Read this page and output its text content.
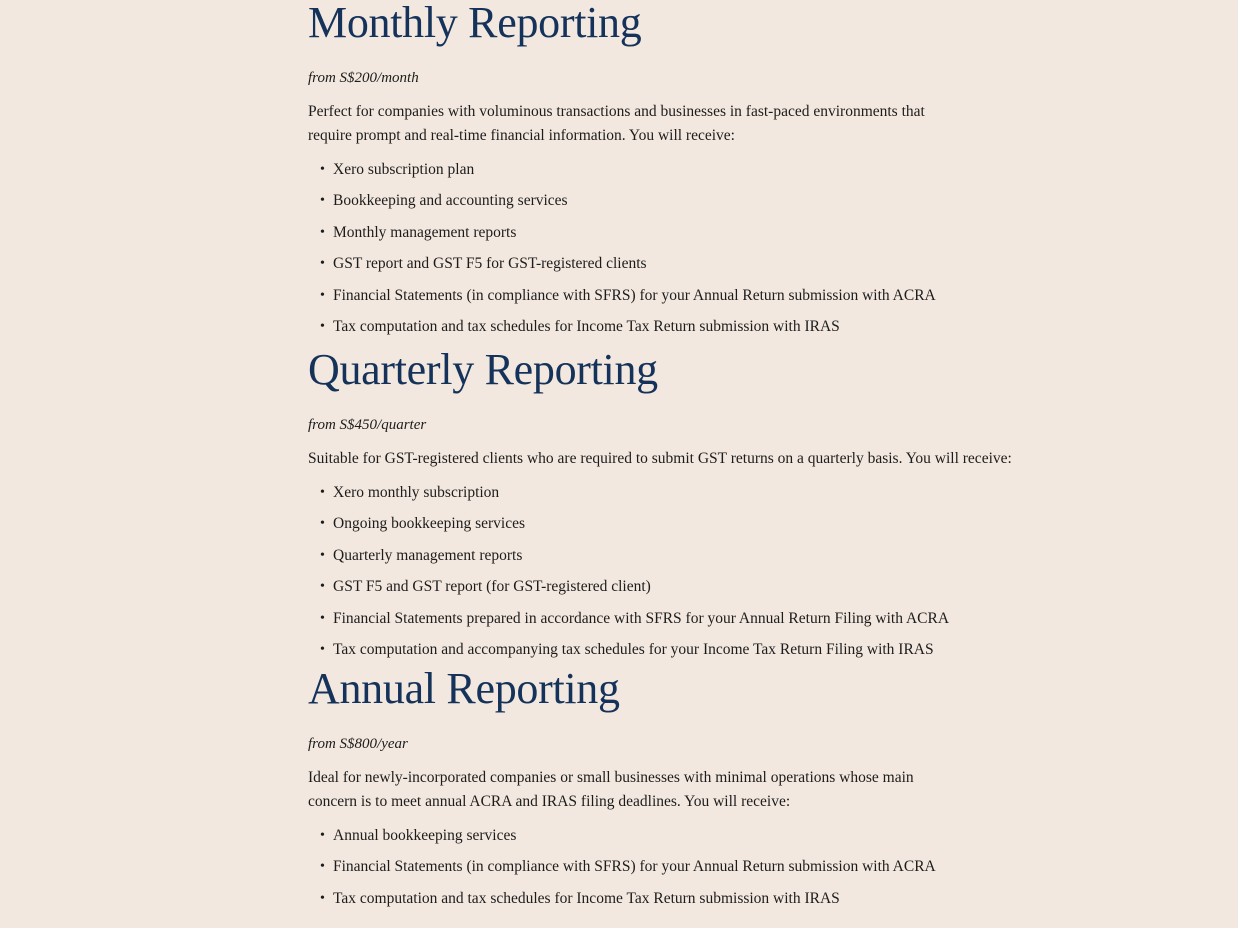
Monthly Reporting

from S$200/month

Perfect for companies with voluminous transactions and businesses in fast-paced environments that require prompt and real-time financial information. You will receive:

• Xero subscription plan
• Bookkeeping and accounting services
• Monthly management reports
• GST report and GST F5 for GST-registered clients
• Financial Statements (in compliance with SFRS) for your Annual Return submission with ACRA
• Tax computation and tax schedules for Income Tax Return submission with IRAS
Quarterly Reporting

from S$450/quarter

Suitable for GST-registered clients who are required to submit GST returns on a quarterly basis. You will receive:

• Xero monthly subscription
• Ongoing bookkeeping services
• Quarterly management reports
• GST F5 and GST report (for GST-registered client)
• Financial Statements prepared in accordance with SFRS for your Annual Return Filing with ACRA
• Tax computation and accompanying tax schedules for your Income Tax Return Filing with IRAS
Annual Reporting

from S$800/year

Ideal for newly-incorporated companies or small businesses with minimal operations whose main concern is to meet annual ACRA and IRAS filing deadlines. You will receive:

• Annual bookkeeping services
• Financial Statements (in compliance with SFRS) for your Annual Return submission with ACRA
• Tax computation and tax schedules for Income Tax Return submission with IRAS
